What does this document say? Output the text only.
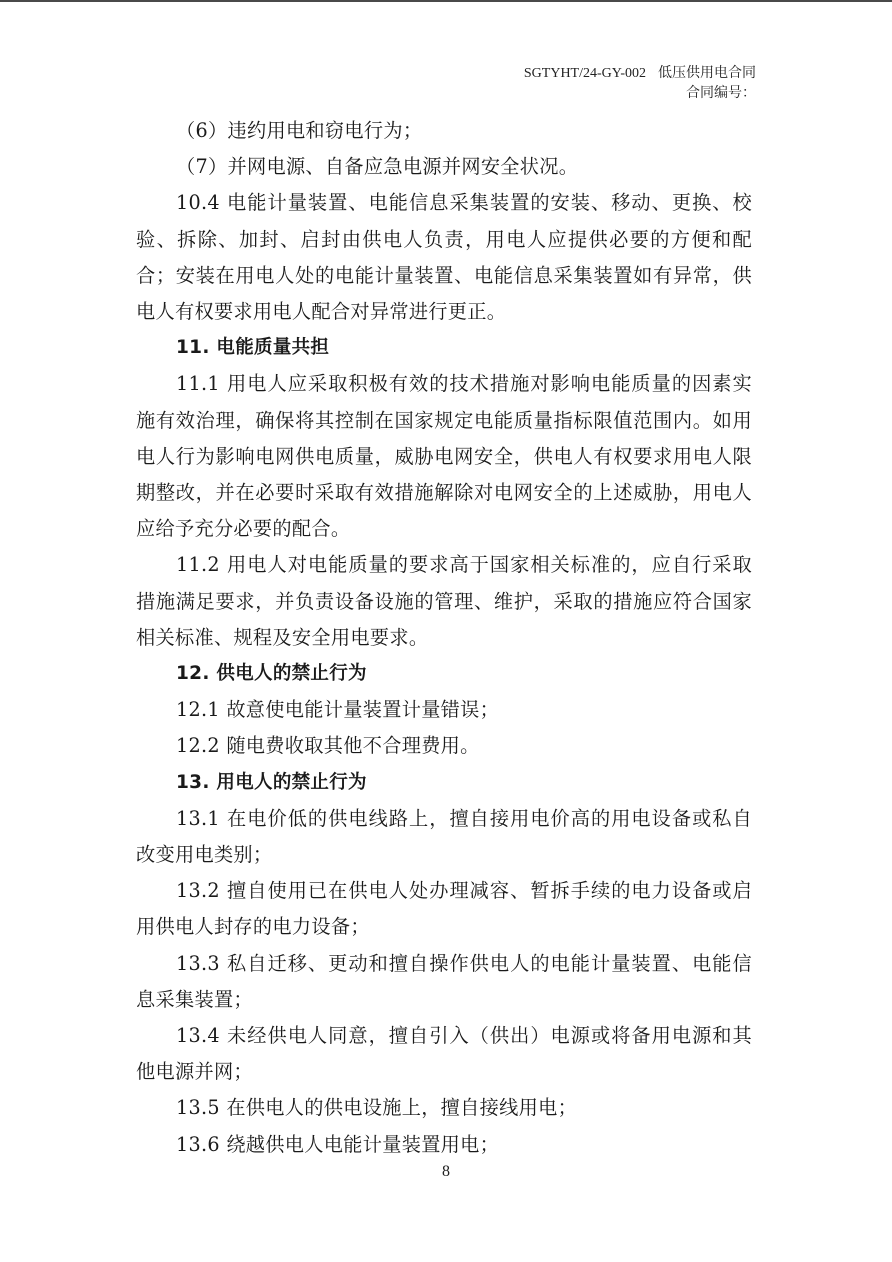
SGTYHT/24-GY-002 低压供用电合同
合同编号：

（6）违约用电和窃电行为；

（7）并网电源、自备应急电源并网安全状况。

10.4 电能计量装置、电能信息采集装置的安装、移动、更换、校验、拆除、加封、启封由供电人负责，用电人应提供必要的方便和配合；安装在用电人处的电能计量装置、电能信息采集装置如有异常，供电人有权要求用电人配合对异常进行更正。

11. 电能质量共担

11.1 用电人应采取积极有效的技术措施对影响电能质量的因素实施有效治理，确保将其控制在国家规定电能质量指标限值范围内。如用电人行为影响电网供电质量，威胁电网安全，供电人有权要求用电人限期整改，并在必要时采取有效措施解除对电网安全的上述威胁，用电人应给予充分必要的配合。

11.2 用电人对电能质量的要求高于国家相关标准的，应自行采取措施满足要求，并负责设备设施的管理、维护，采取的措施应符合国家相关标准、规程及安全用电要求。

12. 供电人的禁止行为

12.1 故意使电能计量装置计量错误；

12.2 随电费收取其他不合理费用。

13. 用电人的禁止行为

13.1 在电价低的供电线路上，擅自接用电价高的用电设备或私自改变用电类别；

13.2 擅自使用已在供电人处办理减容、暂拆手续的电力设备或启用供电人封存的电力设备；

13.3 私自迁移、更动和擅自操作供电人的电能计量装置、电能信息采集装置；

13.4 未经供电人同意，擅自引入（供出）电源或将备用电源和其他电源并网；

13.5 在供电人的供电设施上，擅自接线用电；

13.6 绕越供电人电能计量装置用电；

8
